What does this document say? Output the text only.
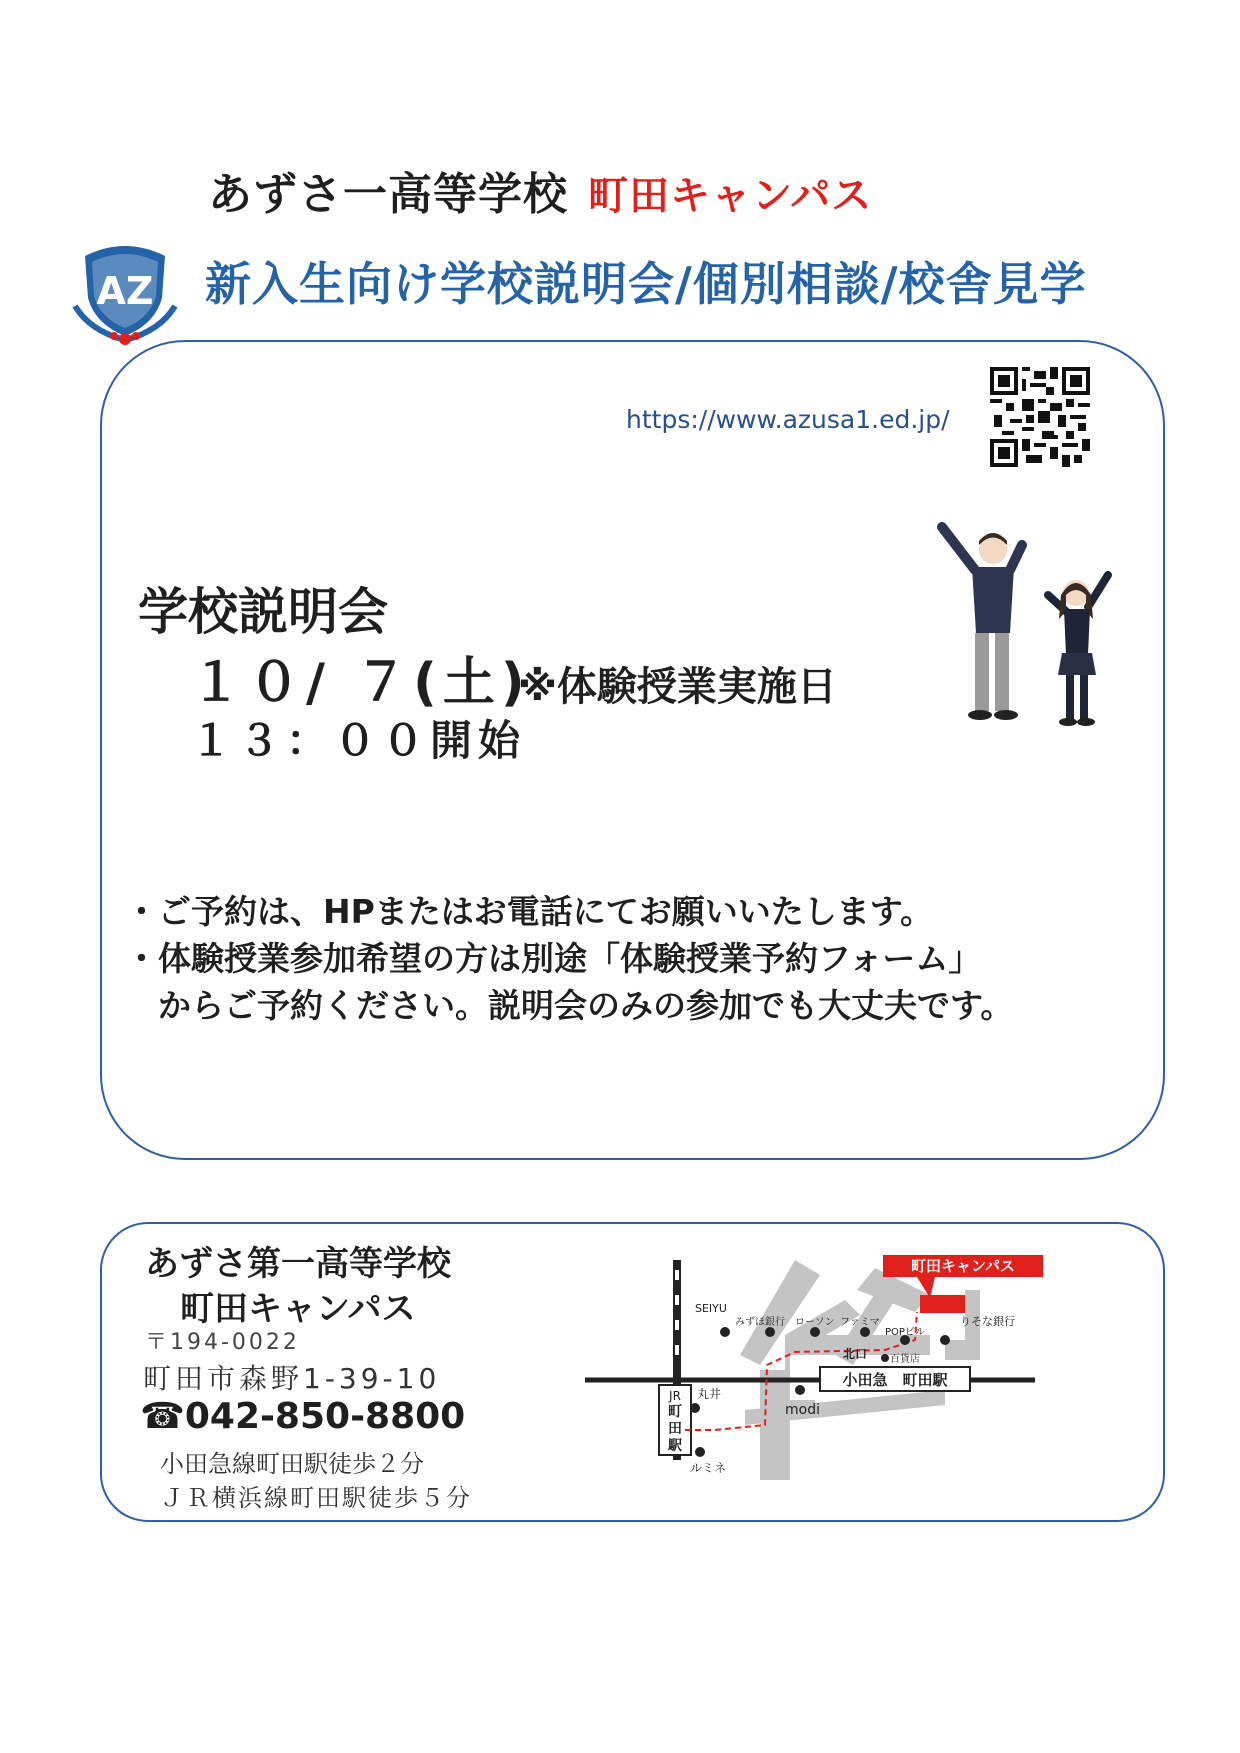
あずさ一高等学校 町田キャンパス
AZ 新入生向け学校説明会/個別相談/校舎見学
https://www.azusa1.ed.jp/
学校説明会
１０/ ７(土)
※体験授業実施日
１３：００開始
・ご予約は、HPまたはお電話にてお願いいたします。
・体験授業参加希望の方は別途「体験授業予約フォーム」
　からご予約ください。説明会のみの参加でも大丈夫です。
あずさ第一高等学校
町田キャンパス
〒194-0022
町田市森野1-39-10
☎042-850-8800
小田急線町田駅徒歩２分
ＪＲ横浜線町田駅徒歩５分
JR
町
田
駅
小田急　町田駅
町田キャンパス
SEIYU
みずほ銀行 ローソン ファミマ
POPビル
りそな銀行
北口 百貨店
丸井
modi
ルミネ
